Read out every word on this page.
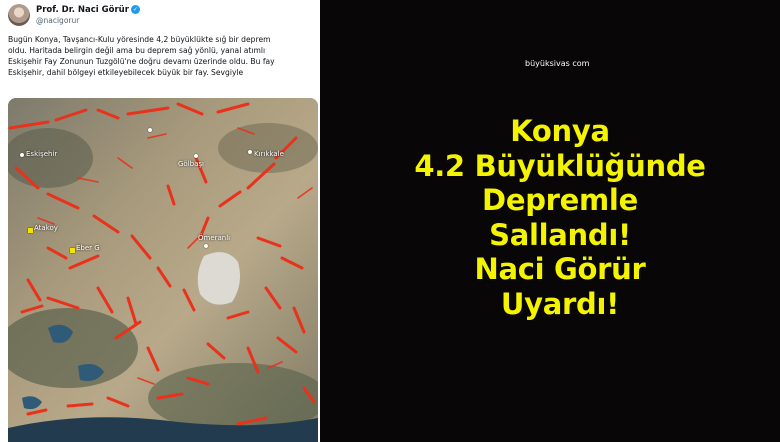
Prof. Dr. Naci Görür ✓
@nacigorur
Bugün Konya, Tavşancı-Kulu yöresinde 4,2 büyüklükte sığ bir deprem
oldu. Haritada belirgin değil ama bu deprem sağ yönlü, yanal atımlı
Eskişehir Fay Zonunun Tuzgölü'ne doğru devamı üzerinde oldu. Bu fay
Eskişehir, dahil bölgeyi etkileyebilecek büyük bir fay. Sevgiyle
Eskişehir
Gölbaşı
Kırıkkale
Atakoy
Eber G
Ömeranlı
büyüksivas com
Konya
4.2 Büyüklüğünde
Depremle
Sallandı!
Naci Görür
Uyardı!
